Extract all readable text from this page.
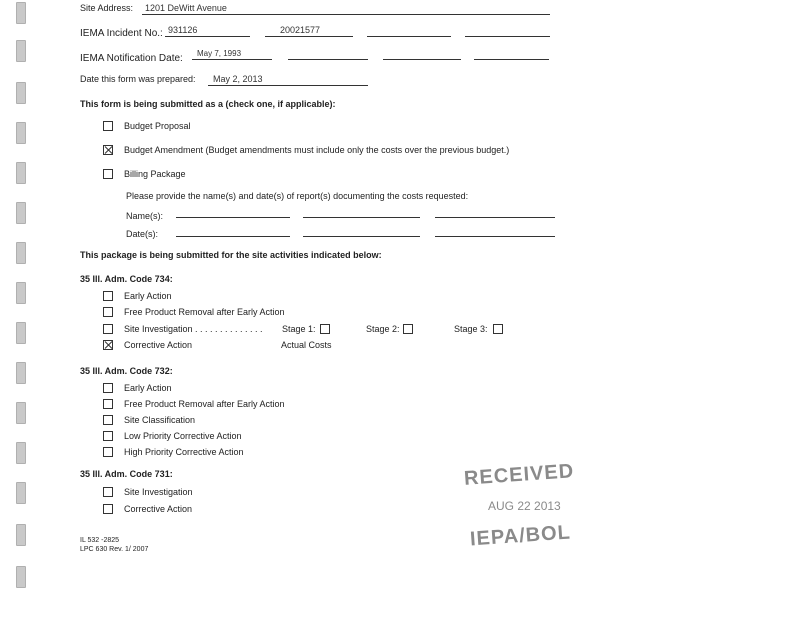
Site Address: 1201 DeWitt Avenue
IEMA Incident No.: 931126	20021577
IEMA Notification Date: May 7, 1993
Date this form was prepared: May 2, 2013
This form is being submitted as a (check one, if applicable):
Budget Proposal
Budget Amendment (Budget amendments must include only the costs over the previous budget.)
Billing Package
Please provide the name(s) and date(s) of report(s) documenting the costs requested:
Name(s):
Date(s):
This package is being submitted for the site activities indicated below:
35 Ill. Adm. Code 734:
Early Action
Free Product Removal after Early Action
Site Investigation . . . . . . . . . . . . . . Stage 1:	Stage 2:	Stage 3:
Corrective Action	Actual Costs
35 Ill. Adm. Code 732:
Early Action
Free Product Removal after Early Action
Site Classification
Low Priority Corrective Action
High Priority Corrective Action
35 Ill. Adm. Code 731:
Site Investigation
Corrective Action
IL 532 -2825
LPC 630 Rev. 1/ 2007
RECEIVED
AUG 22 2013
IEPA/BOL
